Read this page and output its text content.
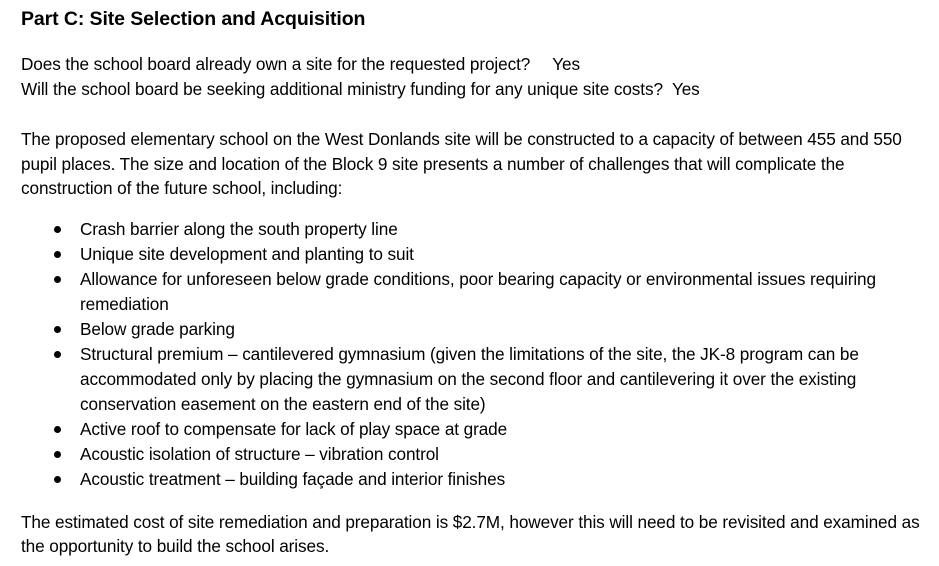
Part C: Site Selection and Acquisition

Does the school board already own a site for the requested project? Yes

Will the school board be seeking additional ministry funding for any unique site costs? Yes

The proposed elementary school on the West Donlands site will be constructed to a capacity of between 455 and 550 pupil places. The size and location of the Block 9 site presents a number of challenges that will complicate the construction of the future school, including:

Crash barrier along the south property line
Unique site development and planting to suit
Allowance for unforeseen below grade conditions, poor bearing capacity or environmental issues requiring remediation
Below grade parking
Structural premium – cantilevered gymnasium (given the limitations of the site, the JK-8 program can be accommodated only by placing the gymnasium on the second floor and cantilevering it over the existing conservation easement on the eastern end of the site)
Active roof to compensate for lack of play space at grade
Acoustic isolation of structure – vibration control
Acoustic treatment – building façade and interior finishes

The estimated cost of site remediation and preparation is $2.7M, however this will need to be revisited and examined as the opportunity to build the school arises.
